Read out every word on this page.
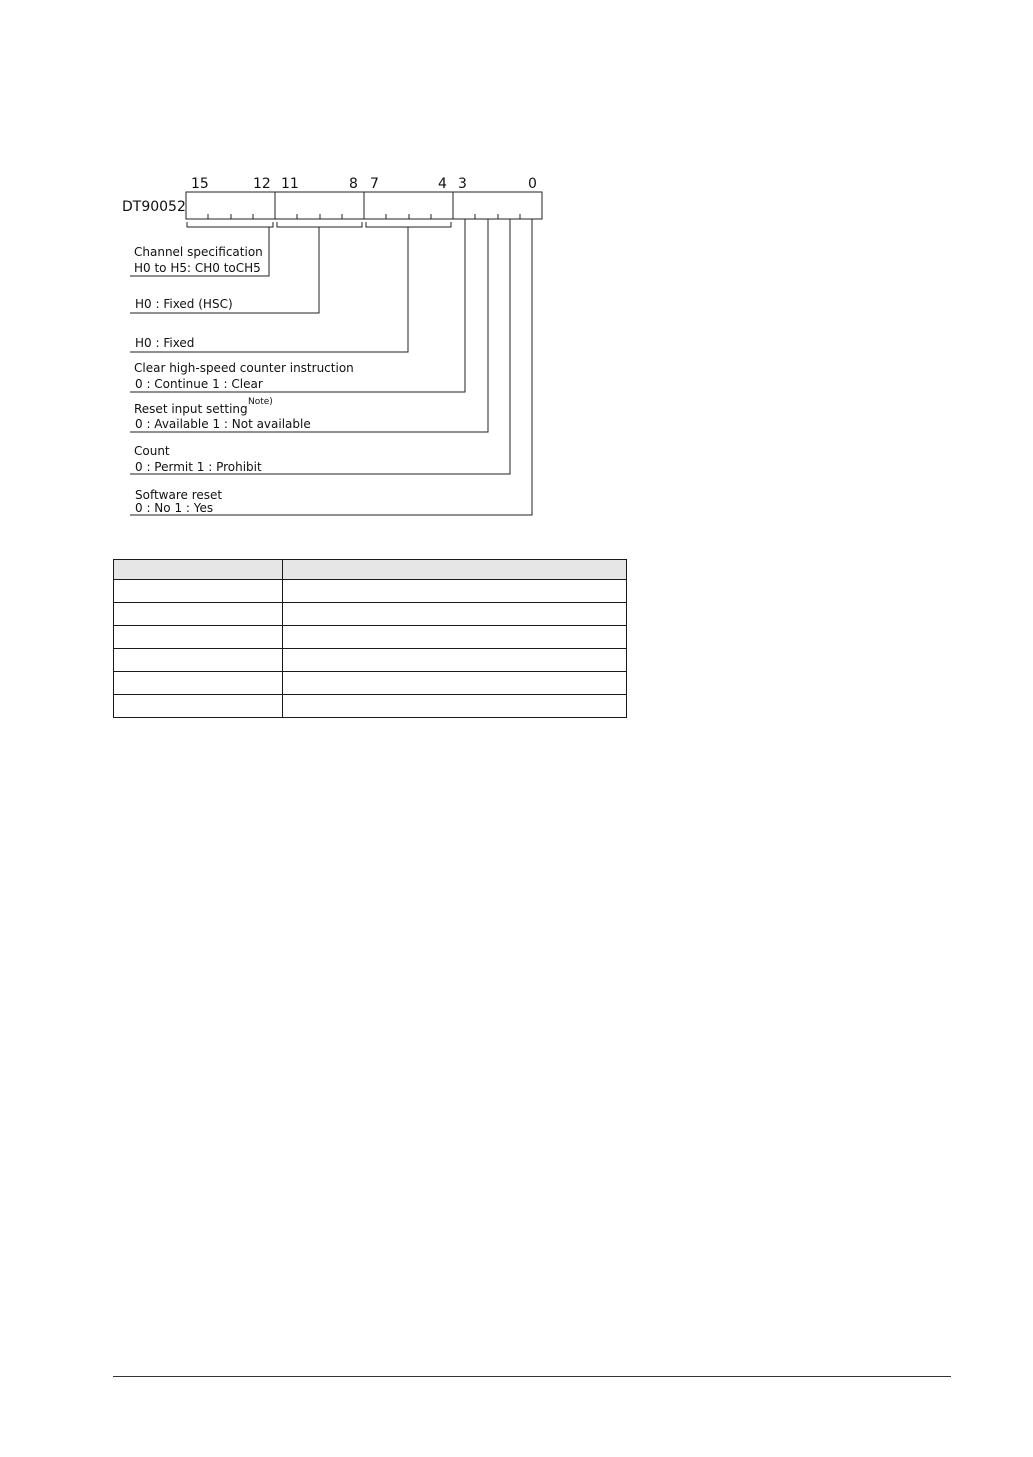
15	12 11	8 7	4 3	0
DT90052
Channel specification
H0 to H5: CH0 toCH5
H0 : Fixed (HSC)
H0 : Fixed
Clear high-speed counter instruction
0 : Continue 1 : Clear
Reset input setting Note)
0 : Available 1 : Not available
Count
0 : Permit 1 : Prohibit
Software reset
0 : No 1 : Yes
